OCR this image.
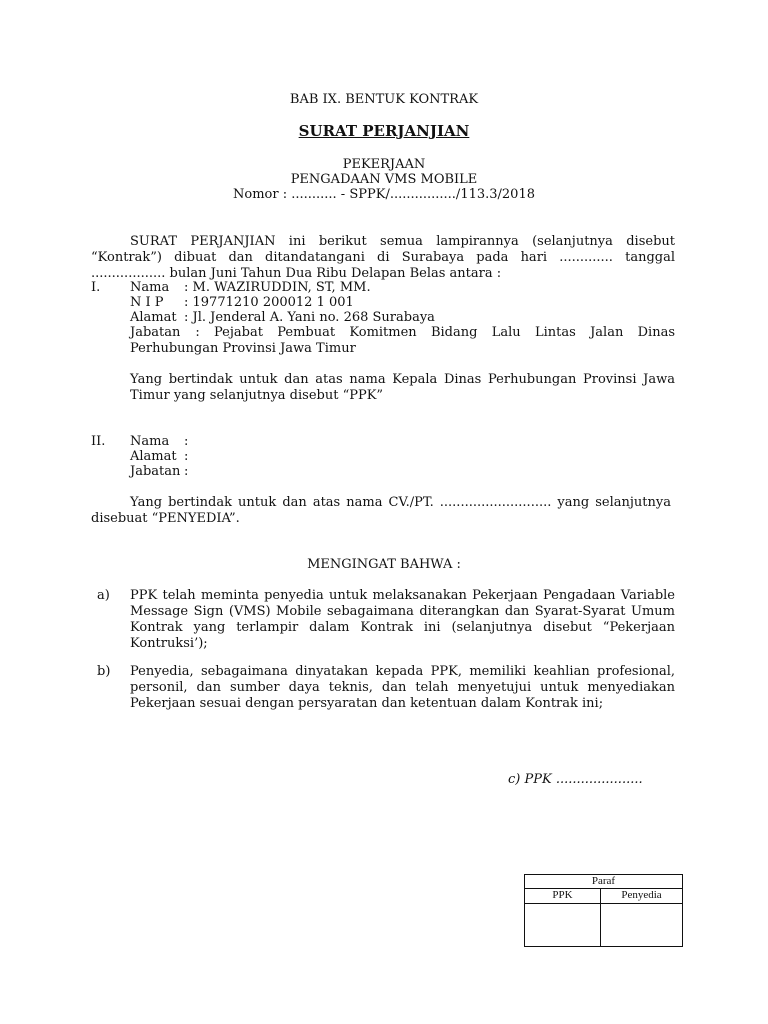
BAB IX. BENTUK KONTRAK
SURAT PERJANJIAN
PEKERJAAN
PENGADAAN VMS MOBILE
Nomor : ........... - SPPK/................/113.3/2018
SURAT PERJANJIAN ini berikut semua lampirannya (selanjutnya disebut “Kontrak”) dibuat dan ditandatangani di Surabaya pada hari ............. tanggal .................. bulan Juni Tahun Dua Ribu Delapan Belas antara :
I. Nama : M. WAZIRUDDIN, ST, MM.
N I P : 19771210 200012 1 001
Alamat : Jl. Jenderal A. Yani no. 268 Surabaya
Jabatan : Pejabat Pembuat Komitmen Bidang Lalu Lintas Jalan Dinas Perhubungan Provinsi Jawa Timur
Yang bertindak untuk dan atas nama Kepala Dinas Perhubungan Provinsi Jawa Timur yang selanjutnya disebut “PPK”
II. Nama :
Alamat :
Jabatan :
Yang bertindak untuk dan atas nama CV./PT. ........................... yang selanjutnya disebuat “PENYEDIA”.
MENGINGAT BAHWA :
a) PPK telah meminta penyedia untuk melaksanakan Pekerjaan Pengadaan Variable Message Sign (VMS) Mobile sebagaimana diterangkan dan Syarat-Syarat Umum Kontrak yang terlampir dalam Kontrak ini (selanjutnya disebut “Pekerjaan Kontruksi’);
b) Penyedia, sebagaimana dinyatakan kepada PPK, memiliki keahlian profesional, personil, dan sumber daya teknis, dan telah menyetujui untuk menyediakan Pekerjaan sesuai dengan persyaratan dan ketentuan dalam Kontrak ini;
c) PPK .....................
Paraf	
PPK	Penyedia
